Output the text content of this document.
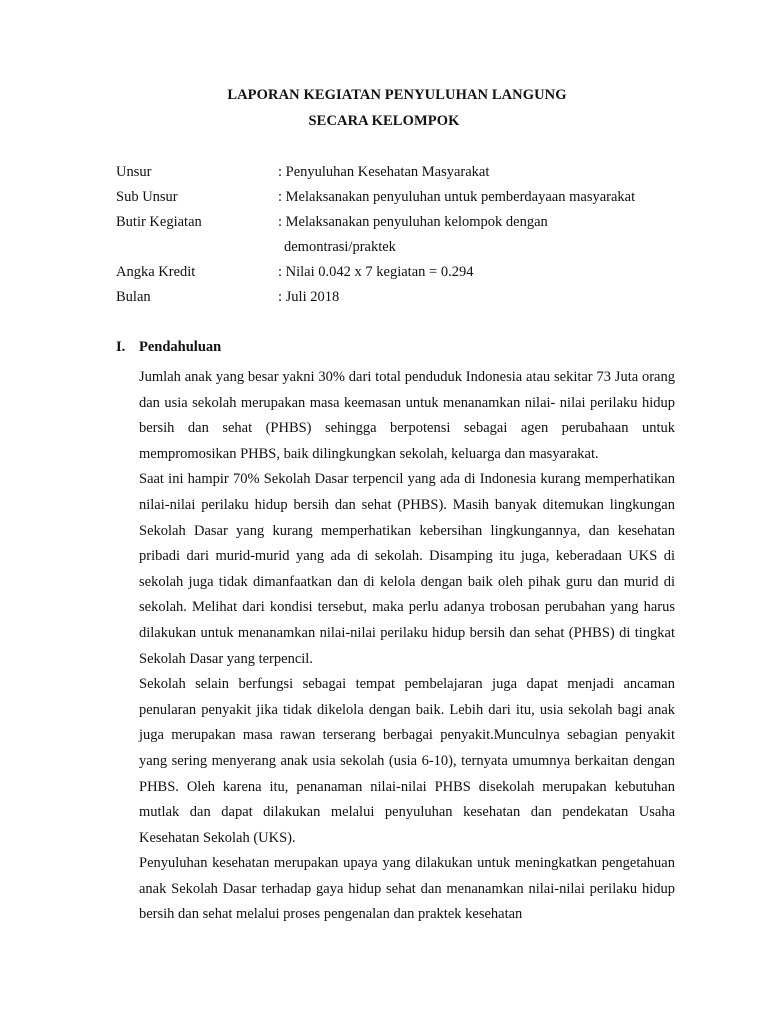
LAPORAN KEGIATAN PENYULUHAN LANGUNG
SECARA KELOMPOK
Unsur	: Penyuluhan Kesehatan Masyarakat
Sub Unsur	: Melaksanakan penyuluhan untuk pemberdayaan masyarakat
Butir Kegiatan	: Melaksanakan penyuluhan kelompok dengan
demontrasi/praktek
Angka Kredit	: Nilai 0.042 x 7 kegiatan = 0.294
Bulan	: Juli 2018
I. Pendahuluan

Jumlah anak yang besar yakni 30% dari total penduduk Indonesia atau sekitar 73 Juta orang dan usia sekolah merupakan masa keemasan untuk menanamkan nilai- nilai perilaku hidup bersih dan sehat (PHBS) sehingga berpotensi sebagai agen perubahaan untuk mempromosikan PHBS, baik dilingkungkan sekolah, keluarga dan masyarakat.

Saat ini hampir 70% Sekolah Dasar terpencil yang ada di Indonesia kurang memperhatikan nilai-nilai perilaku hidup bersih dan sehat (PHBS). Masih banyak ditemukan lingkungan Sekolah Dasar yang kurang memperhatikan kebersihan lingkungannya, dan kesehatan pribadi dari murid-murid yang ada di sekolah. Disamping itu juga, keberadaan UKS di sekolah juga tidak dimanfaatkan dan di kelola dengan baik oleh pihak guru dan murid di sekolah. Melihat dari kondisi tersebut, maka perlu adanya trobosan perubahan yang harus dilakukan untuk menanamkan nilai-nilai perilaku hidup bersih dan sehat (PHBS) di tingkat Sekolah Dasar yang terpencil.

Sekolah selain berfungsi sebagai tempat pembelajaran juga dapat menjadi ancaman penularan penyakit jika tidak dikelola dengan baik. Lebih dari itu, usia sekolah bagi anak juga merupakan masa rawan terserang berbagai penyakit.Munculnya sebagian penyakit yang sering menyerang anak usia sekolah (usia 6-10), ternyata umumnya berkaitan dengan PHBS. Oleh karena itu, penanaman nilai-nilai PHBS disekolah merupakan kebutuhan mutlak dan dapat dilakukan melalui penyuluhan kesehatan dan pendekatan Usaha Kesehatan Sekolah (UKS).

Penyuluhan kesehatan merupakan upaya yang dilakukan untuk meningkatkan pengetahuan anak Sekolah Dasar terhadap gaya hidup sehat dan menanamkan nilai-nilai perilaku hidup bersih dan sehat melalui proses pengenalan dan praktek kesehatan
